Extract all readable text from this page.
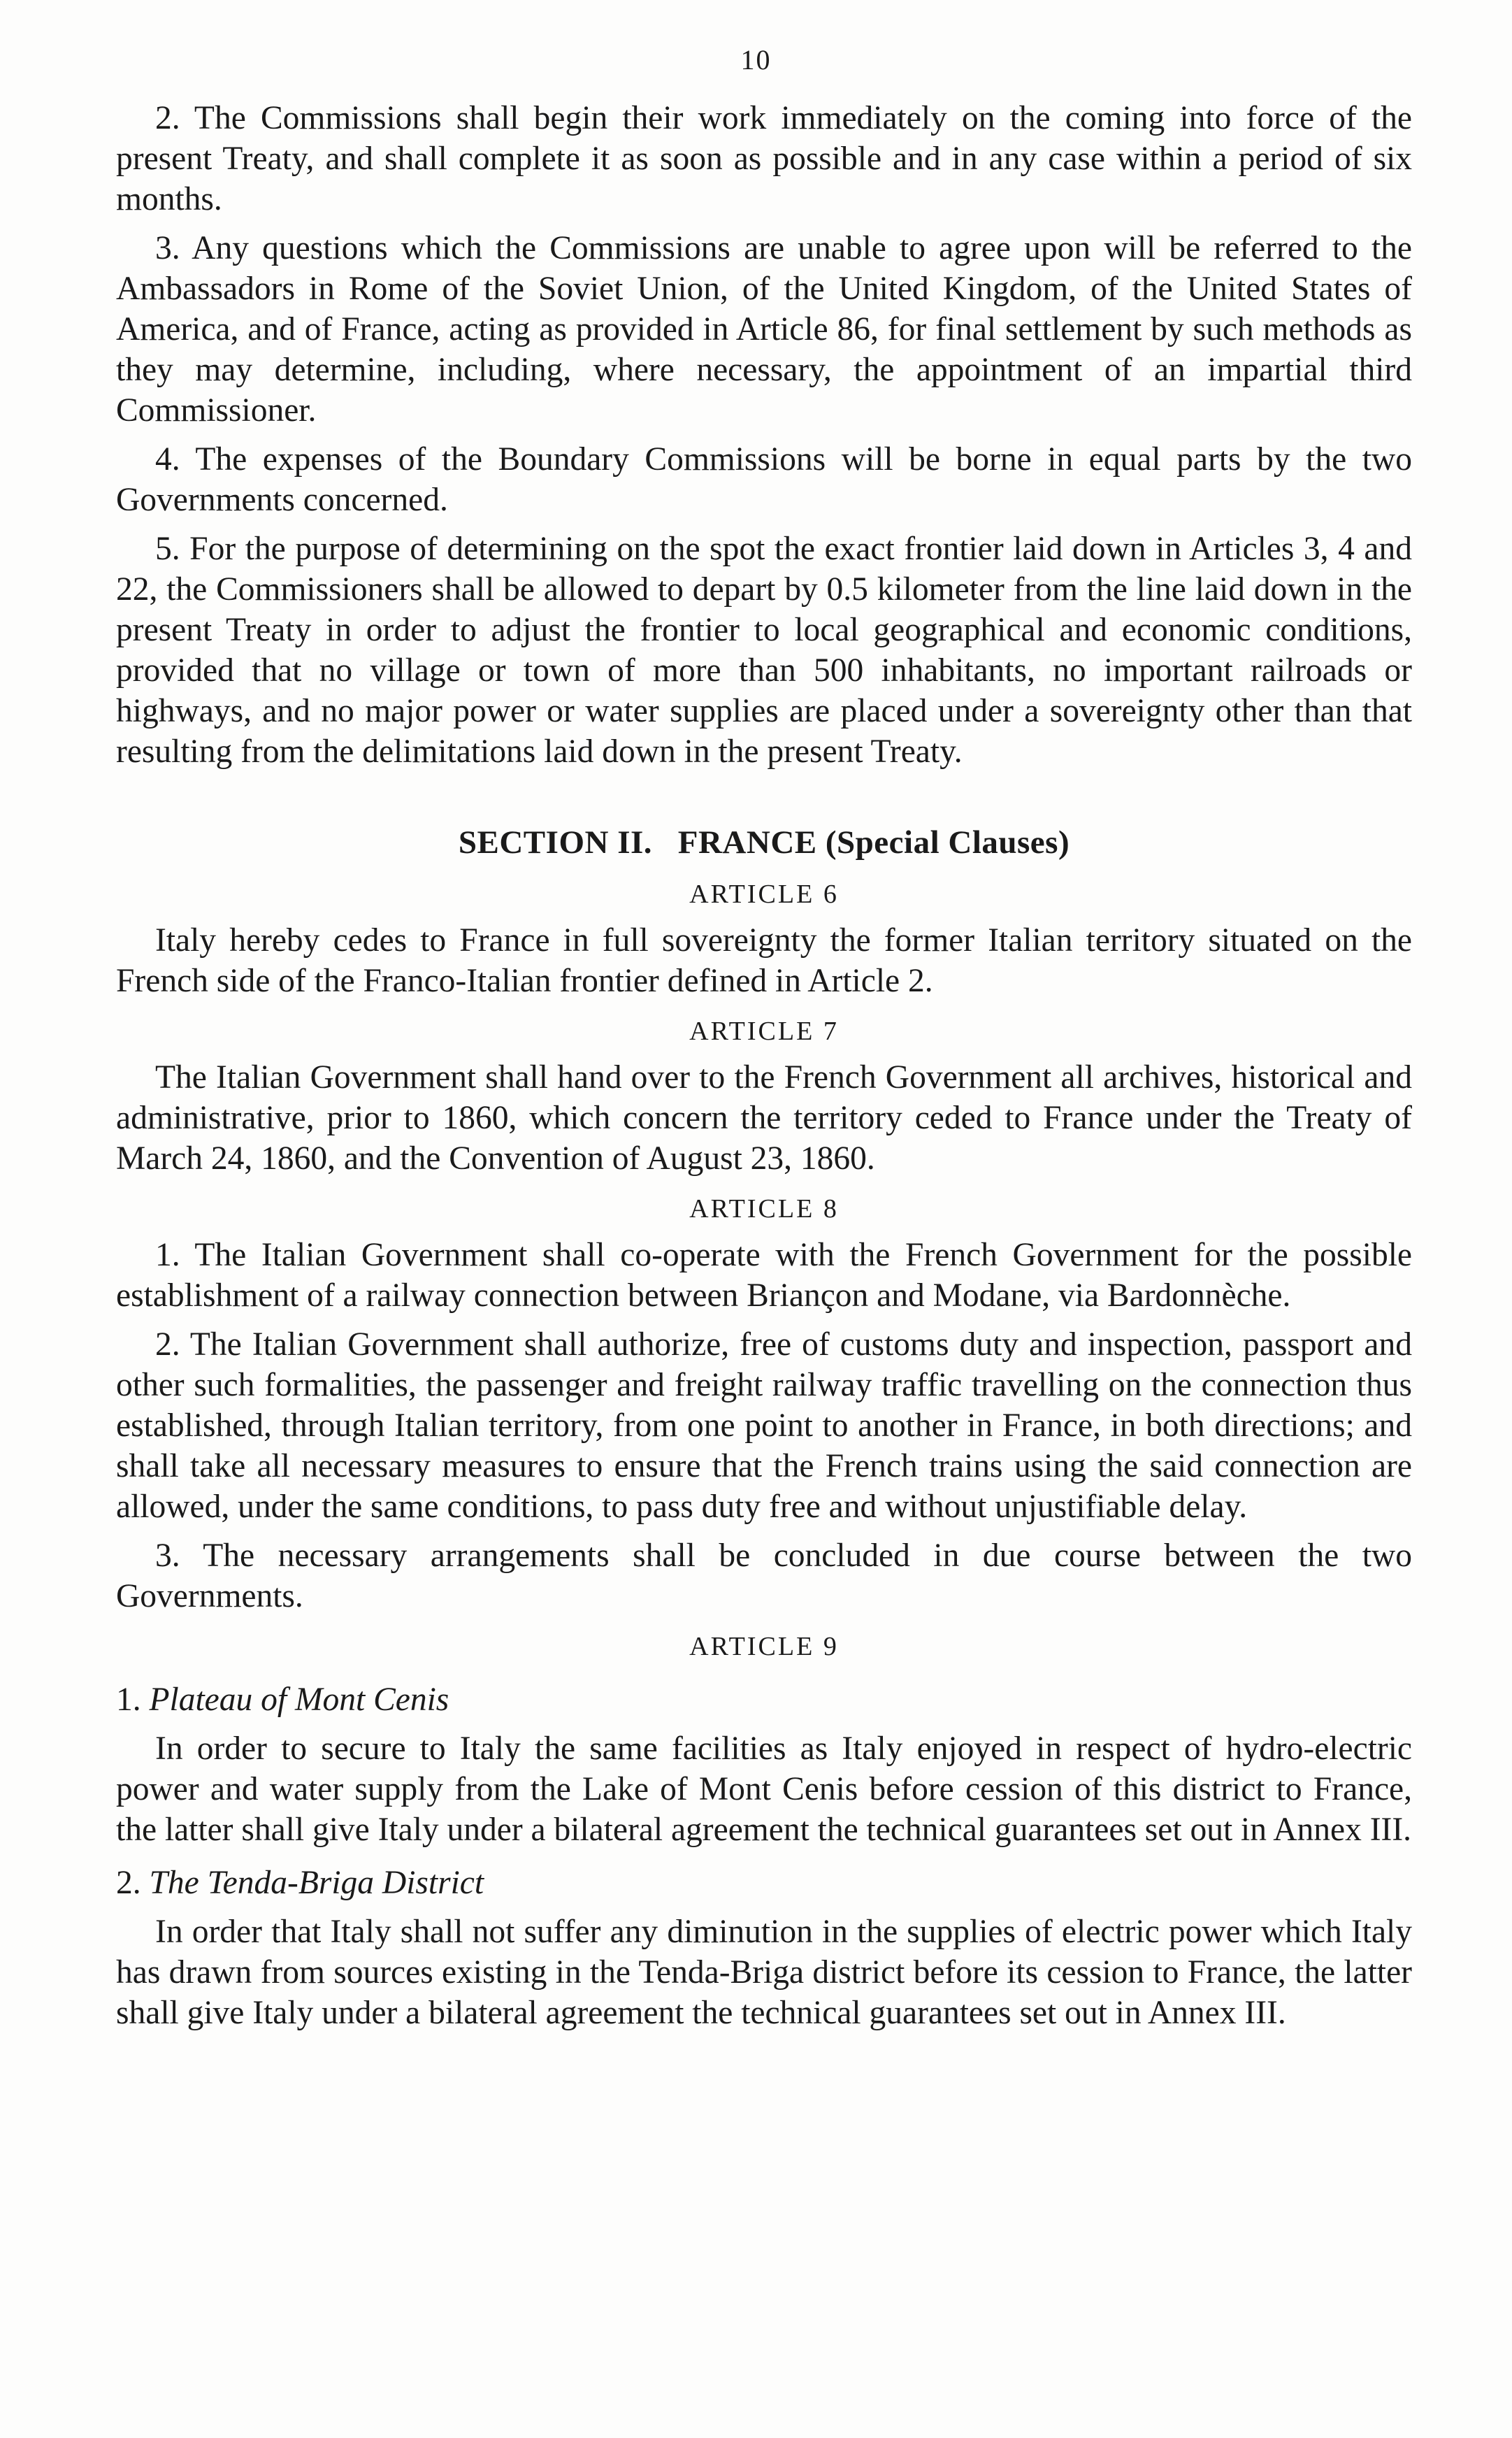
10

2. The Commissions shall begin their work immediately on the coming into force of the present Treaty, and shall complete it as soon as possible and in any case within a period of six months.

3. Any questions which the Commissions are unable to agree upon will be referred to the Ambassadors in Rome of the Soviet Union, of the United Kingdom, of the United States of America, and of France, acting as provided in Article 86, for final settlement by such methods as they may determine, including, where necessary, the appointment of an impartial third Commissioner.

4. The expenses of the Boundary Commissions will be borne in equal parts by the two Governments concerned.

5. For the purpose of determining on the spot the exact frontier laid down in Articles 3, 4 and 22, the Commissioners shall be allowed to depart by 0.5 kilometer from the line laid down in the present Treaty in order to adjust the frontier to local geographical and economic conditions, provided that no village or town of more than 500 inhabitants, no important railroads or highways, and no major power or water supplies are placed under a sovereignty other than that resulting from the delimitations laid down in the present Treaty.

SECTION II. FRANCE (Special Clauses)
ARTICLE 6

Italy hereby cedes to France in full sovereignty the former Italian territory situated on the French side of the Franco-Italian frontier defined in Article 2.

ARTICLE 7

The Italian Government shall hand over to the French Government all archives, historical and administrative, prior to 1860, which concern the territory ceded to France under the Treaty of March 24, 1860, and the Convention of August 23, 1860.

ARTICLE 8

1. The Italian Government shall co-operate with the French Government for the possible establishment of a railway connection between Briançon and Modane, via Bardonnèche.

2. The Italian Government shall authorize, free of customs duty and inspection, passport and other such formalities, the passenger and freight railway traffic travelling on the connection thus established, through Italian territory, from one point to another in France, in both directions; and shall take all necessary measures to ensure that the French trains using the said connection are allowed, under the same conditions, to pass duty free and without unjustifiable delay.

3. The necessary arrangements shall be concluded in due course between the two Governments.

ARTICLE 9
1. Plateau of Mont Cenis

In order to secure to Italy the same facilities as Italy enjoyed in respect of hydro-electric power and water supply from the Lake of Mont Cenis before cession of this district to France, the latter shall give Italy under a bilateral agreement the technical guarantees set out in Annex III.

2. The Tenda-Briga District

In order that Italy shall not suffer any diminution in the supplies of electric power which Italy has drawn from sources existing in the Tenda-Briga district before its cession to France, the latter shall give Italy under a bilateral agreement the technical guarantees set out in Annex III.
